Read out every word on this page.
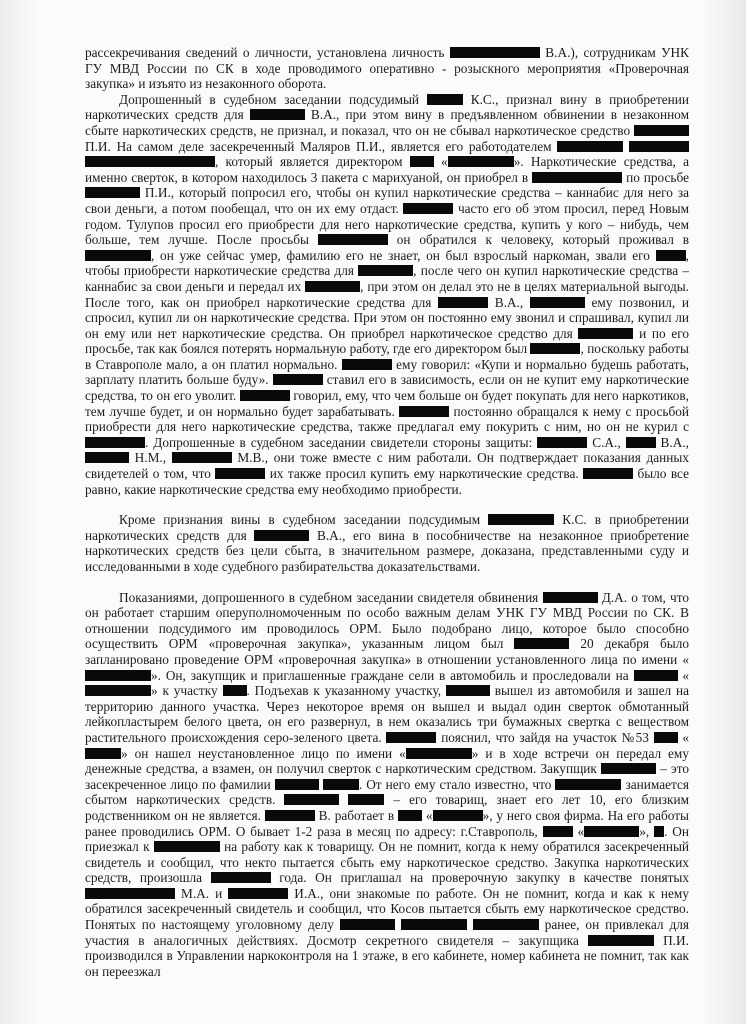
рассекречивания сведений о личности, установлена личность	В.А.), сотрудникам УНК ГУ МВД России по СК в ходе проводимого оперативно - розыскного мероприятия «Проверочная закупка» и изъято из незаконного оборота.

Допрошенный в судебном заседании подсудимый	К.С., признал вину в приобретении наркотических средств для	В.А., при этом вину в предъявленном обвинении в незаконном сбыте наркотических средств, не признал, и показал, что он не сбывал наркотическое средство  П.И. На самом деле засекреченный Маляров П.И., является его работодателем   , который является директором  «	». Наркотические средства, а именно сверток, в котором находилось 3 пакета с марихуаной, он приобрел в	по просьбе  П.И., который попросил его, чтобы он купил наркотические средства – каннабис для него за свои деньги, а потом пообещал, что он их ему отдаст.	часто его об этом просил, перед Новым годом. Тулупов просил его приобрести для него наркотические средства, купить у кого – нибудь, чем больше, тем лучше. После просьбы	он обратился к человеку, который проживал в , он уже сейчас умер, фамилию его не знает, он был взрослый наркоман, звали его , чтобы приобрести наркотические средства для	, после чего он купил наркотические средства – каннабис за свои деньги и передал их	, при этом он делал это не в целях материальной выгоды. После того, как он приобрел наркотические средства для	В.А.,	ему позвонил, и спросил, купил ли он наркотические средства. При этом он постоянно ему звонил и спрашивал, купил ли он ему или нет наркотические средства. Он приобрел наркотическое средство для	и по его просьбе, так как боялся потерять нормальную работу, где его директором был	, поскольку работы в Ставрополе мало, а он платил нормально.	ему говорил: «Купи и нормально будешь работать, зарплату платить больше буду».	ставил его в зависимость, если он не купит ему наркотические средства, то он его уволит.	говорил, ему, что чем больше он будет покупать для него наркотиков, тем лучше будет, и он нормально будет зарабатывать.	постоянно обращался к нему с просьбой приобрести для него наркотические средства, также предлагал ему покурить с ним, но он не курил с . Допрошенные в судебном заседании свидетели стороны защиты:	С.А.,  В.А.,  Н.М.,	М.В., они тоже вместе с ним работали. Он подтверждает показания данных свидетелей о том, что	их также просил купить ему наркотические средства.	было все равно, какие наркотические средства ему необходимо приобрести.

Кроме признания вины в судебном заседании подсудимым	К.С. в приобретении наркотических средств для	В.А., его вина в пособничестве на незаконное приобретение наркотических средств без цели сбыта, в значительном размере, доказана, представленными суду и исследованными в ходе судебного разбирательства доказательствами.

Показаниями, допрошенного в судебном заседании свидетеля обвинения	Д.А. о том, что он работает старшим оперуполномоченным по особо важным делам УНК ГУ МВД России по СК. В отношении подсудимого им проводилось ОРМ. Было подобрано лицо, которое было способно осуществить ОРМ «проверочная закупка», указанным лицом был	20 декабря было запланировано проведение ОРМ «проверочная закупка» в отношении установленного лица по имени «». Он, закупщик и приглашенные граждане сели в автомобиль и проследовали на	«» к участку . Подъехав к указанному участку,	вышел из автомобиля и зашел на территорию данного участка. Через некоторое время он вышел и выдал один сверток обмотанный лейкопластырем белого цвета, он его развернул, в нем оказались три бумажных свертка с веществом растительного происхождения серо-зеленого цвета.	пояснил, что зайдя на участок №53  «» он нашел неустановленное лицо по имени «	» и в ходе встречи он передал ему денежные средства, а взамен, он получил сверток с наркотическим средством. Закупщик	– это засекреченное лицо по фамилии	. От него ему стало известно, что	занимается сбытом наркотических средств.	– его товарищ, знает его лет 10, его близким родственником он не является.	В. работает в  «	», у него своя фирма. На его работы ранее проводились ОРМ. О бывает 1-2 раза в месяц по адресу: г.Ставрополь,  «	», . Он приезжал к	на работу как к товарищу. Он не помнит, когда к нему обратился засекреченный свидетель и сообщил, что некто пытается сбыть ему наркотическое средство. Закупка наркотических средств, произошла	года. Он приглашал на проверочную закупку в качестве понятых  М.А. и	И.А., они знакомые по работе. Он не помнит, когда и как к нему обратился засекреченный свидетель и сообщил, что Косов пытается сбыть ему наркотическое средство. Понятых по настоящему уголовному делу	ранее, он привлекал для участия в аналогичных действиях. Досмотр секретного свидетеля – закупщика	П.И. производился в Управлении наркоконтроля на 1 этаже, в его кабинете, номер кабинета не помнит, так как он переезжал
